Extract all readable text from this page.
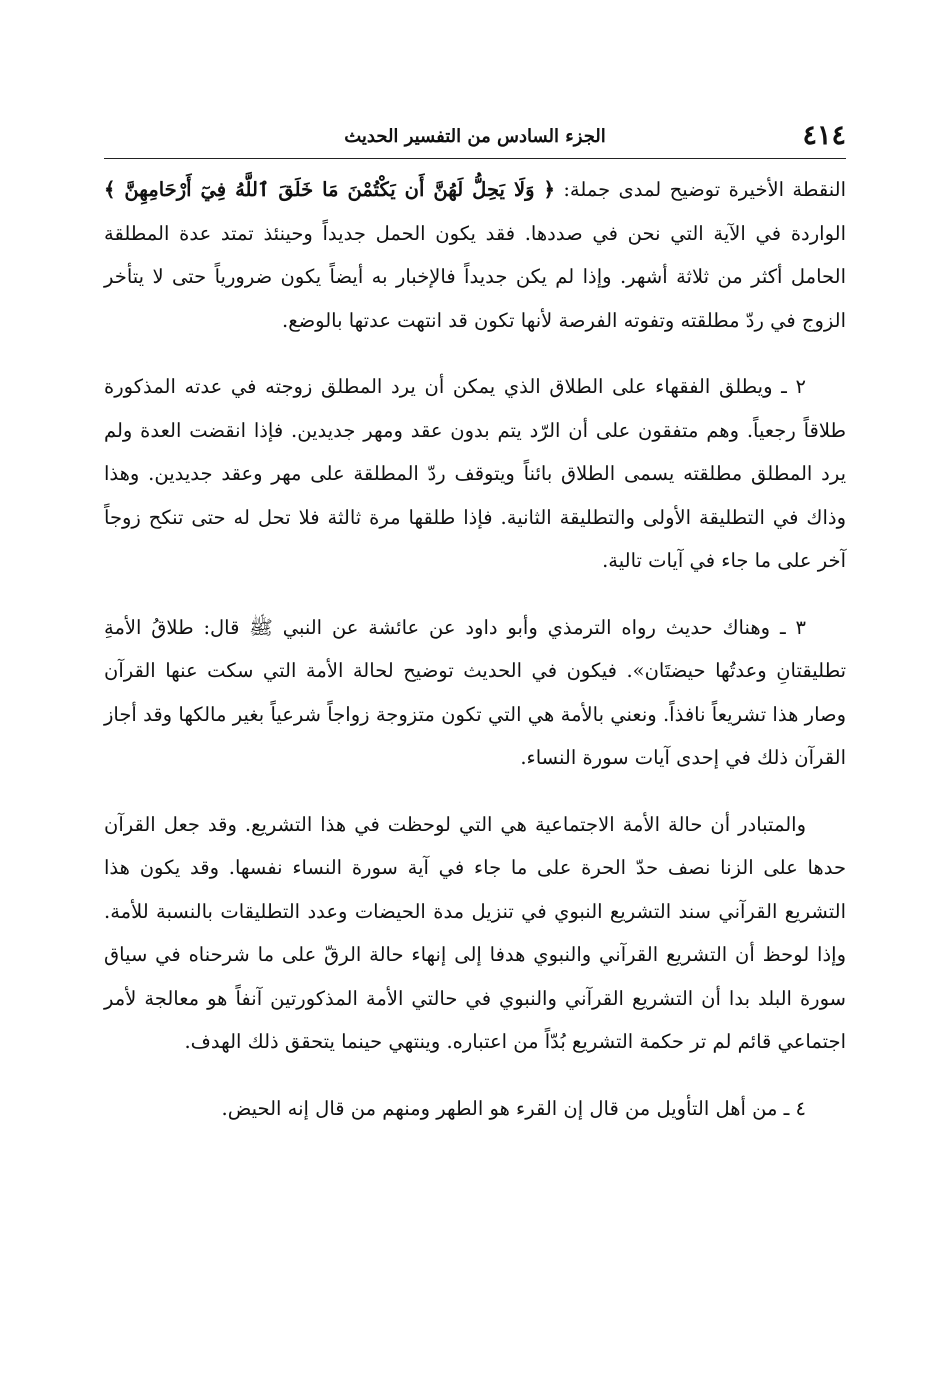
٤١٤
الجزء السادس من التفسير الحديث

النقطة الأخيرة توضيح لمدى جملة: ﴿ وَلَا يَحِلُّ لَهُنَّ أَن يَكْتُمْنَ مَا خَلَقَ ٱللَّهُ فِيٓ أَرْحَامِهِنَّ ﴾ الواردة في الآية التي نحن في صددها. فقد يكون الحمل جديداً وحينئذ تمتد عدة المطلقة الحامل أكثر من ثلاثة أشهر. وإذا لم يكن جديداً فالإخبار به أيضاً يكون ضرورياً حتى لا يتأخر الزوج في ردّ مطلقته وتفوته الفرصة لأنها تكون قد انتهت عدتها بالوضع.

٢ ـ ويطلق الفقهاء على الطلاق الذي يمكن أن يرد المطلق زوجته في عدته المذكورة طلاقاً رجعياً. وهم متفقون على أن الرّد يتم بدون عقد ومهر جديدين. فإذا انقضت العدة ولم يرد المطلق مطلقته يسمى الطلاق بائناً ويتوقف ردّ المطلقة على مهر وعقد جديدين. وهذا وذاك في التطليقة الأولى والتطليقة الثانية. فإذا طلقها مرة ثالثة فلا تحل له حتى تنكح زوجاً آخر على ما جاء في آيات تالية.

٣ ـ وهناك حديث رواه الترمذي وأبو داود عن عائشة عن النبي ﷺ قال: طلاقُ الأمةِ تطليقتانِ وعدتُها حيضتَان». فيكون في الحديث توضيح لحالة الأمة التي سكت عنها القرآن وصار هذا تشريعاً نافذاً. ونعني بالأمة هي التي تكون متزوجة زواجاً شرعياً بغير مالكها وقد أجاز القرآن ذلك في إحدى آيات سورة النساء.

والمتبادر أن حالة الأمة الاجتماعية هي التي لوحظت في هذا التشريع. وقد جعل القرآن حدها على الزنا نصف حدّ الحرة على ما جاء في آية سورة النساء نفسها. وقد يكون هذا التشريع القرآني سند التشريع النبوي في تنزيل مدة الحيضات وعدد التطليقات بالنسبة للأمة. وإذا لوحظ أن التشريع القرآني والنبوي هدفا إلى إنهاء حالة الرقّ على ما شرحناه في سياق سورة البلد بدا أن التشريع القرآني والنبوي في حالتي الأمة المذكورتين آنفاً هو معالجة لأمر اجتماعي قائم لم تر حكمة التشريع بُدّاً من اعتباره. وينتهي حينما يتحقق ذلك الهدف.

٤ ـ من أهل التأويل من قال إن القرء هو الطهر ومنهم من قال إنه الحيض.
